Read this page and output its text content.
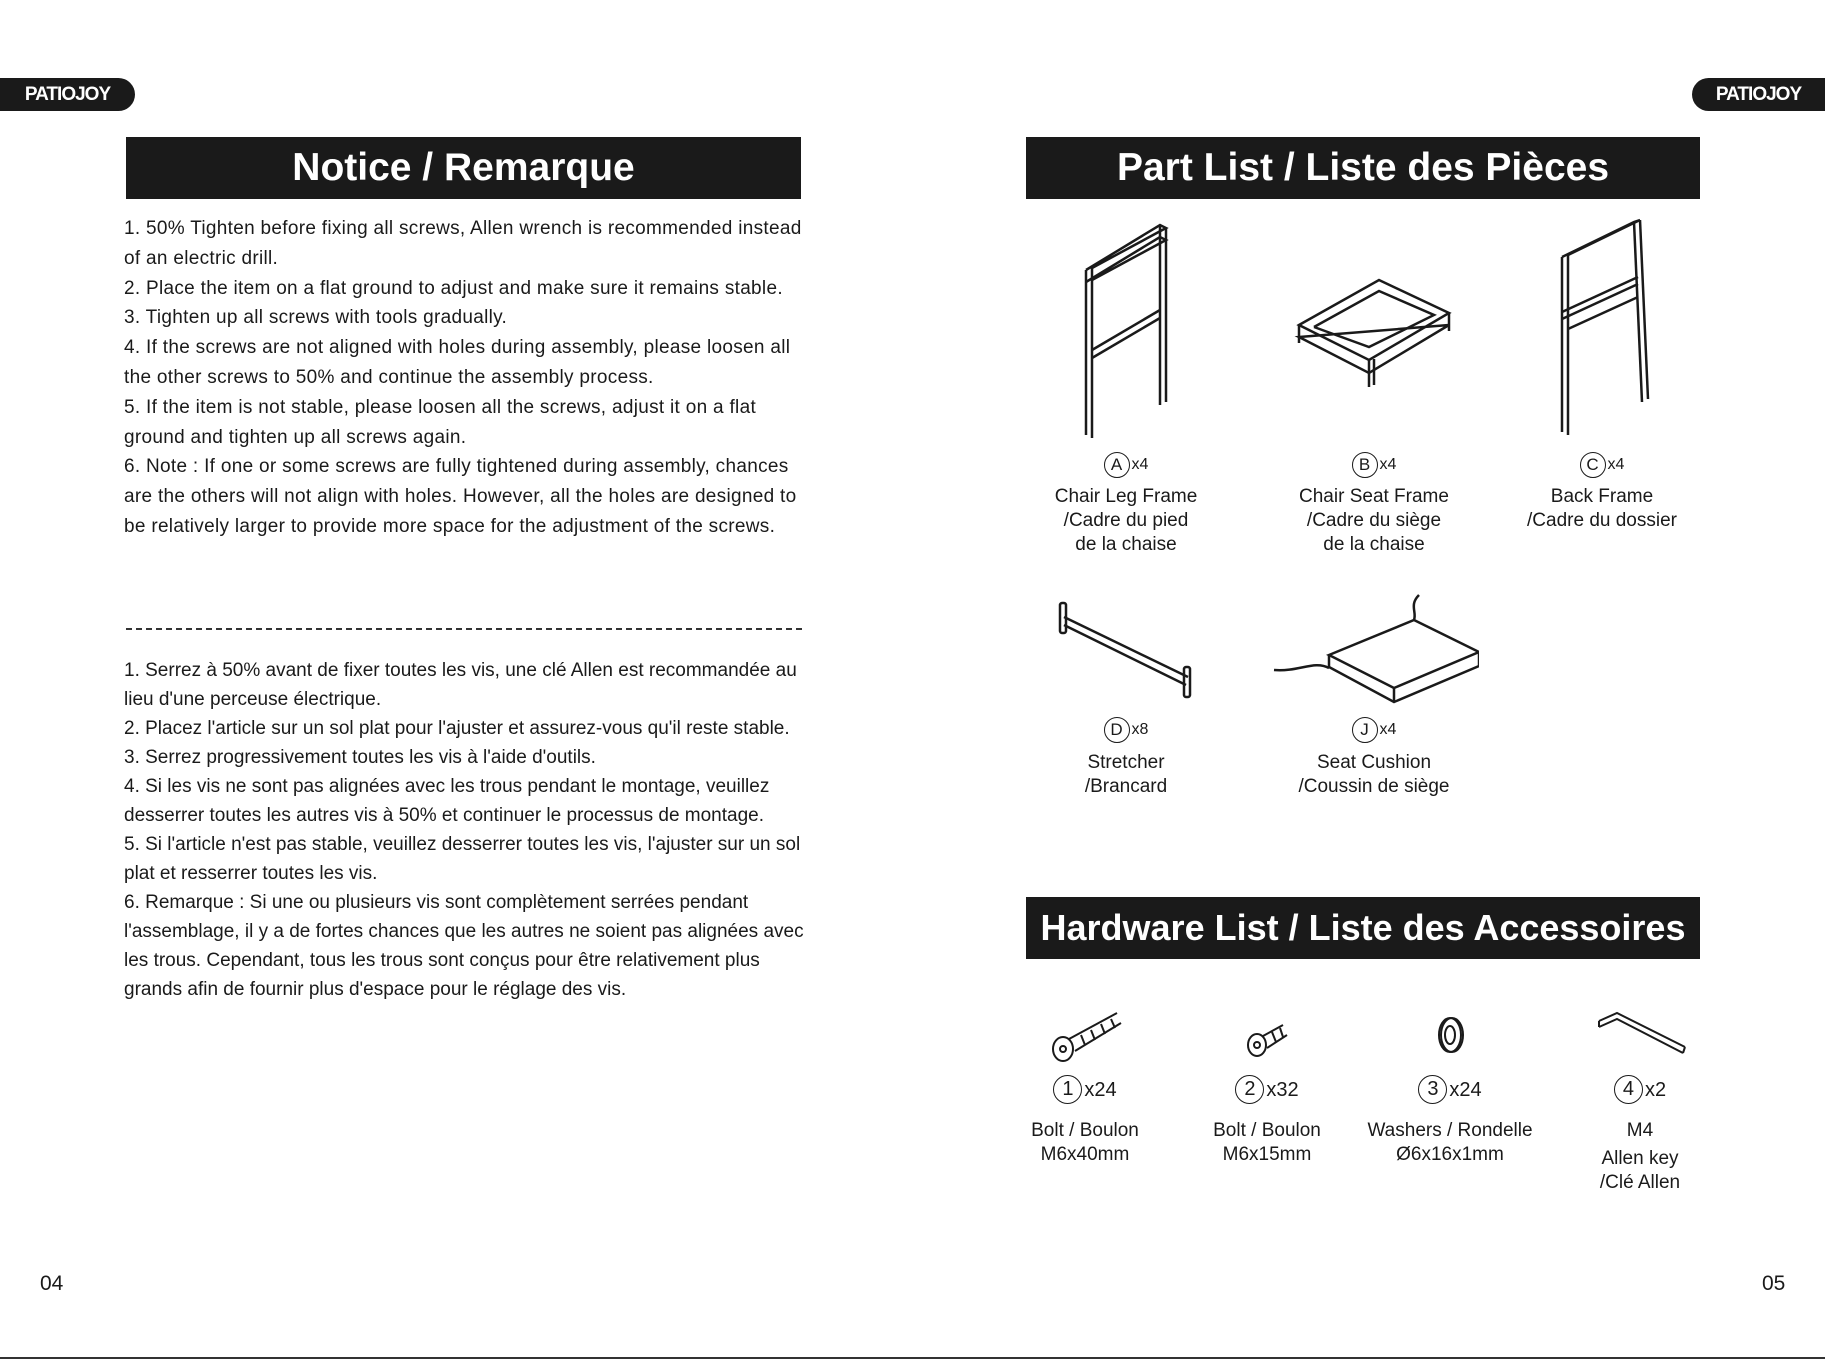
PATIOJOY	PATIOJOY
Notice / Remarque

1. 50% Tighten before fixing all screws, Allen wrench is recommended instead of an electric drill.

2. Place the item on a flat ground to adjust and make sure it remains stable.

3. Tighten up all screws with tools gradually.

4. If the screws are not aligned with holes during assembly, please loosen all the other screws to 50% and continue the assembly process.

5. If the item is not stable, please loosen all the screws, adjust it on a flat ground and tighten up all screws again.

6. Note : If one or some screws are fully tightened during assembly, chances are the others will not align with holes. However, all the holes are designed to be relatively larger to provide more space for the adjustment of the screws.

1. Serrez à 50% avant de fixer toutes les vis, une clé Allen est recommandée au lieu d'une perceuse électrique.

2. Placez l'article sur un sol plat pour l'ajuster et assurez-vous qu'il reste stable.

3. Serrez progressivement toutes les vis à l'aide d'outils.

4. Si les vis ne sont pas alignées avec les trous pendant le montage, veuillez desserrer toutes les autres vis à 50% et continuer le processus de montage.

5. Si l'article n'est pas stable, veuillez desserrer toutes les vis, l'ajuster sur un sol plat et resserrer toutes les vis.

6. Remarque : Si une ou plusieurs vis sont complètement serrées pendant l'assemblage, il y a de fortes chances que les autres ne soient pas alignées avec les trous. Cependant, tous les trous sont conçus pour être relativement plus grands afin de fournir plus d'espace pour le réglage des vis.

04
Part List / Liste des Pièces
A x4
Chair Leg Frame
/Cadre du pied
de la chaise
B x4
Chair Seat Frame
/Cadre du siège
de la chaise
C x4
Back Frame
/Cadre du dossier
D x8
Stretcher
/Brancard
J x4
Seat Cushion
/Coussin de siège
Hardware List / Liste des Accessoires
1 x24
Bolt / Boulon
M6x40mm
2 x32
Bolt / Boulon
M6x15mm
3 x24
Washers / Rondelle
Ø6x16x1mm
4 x2
M4
Allen key
/Clé Allen
05
